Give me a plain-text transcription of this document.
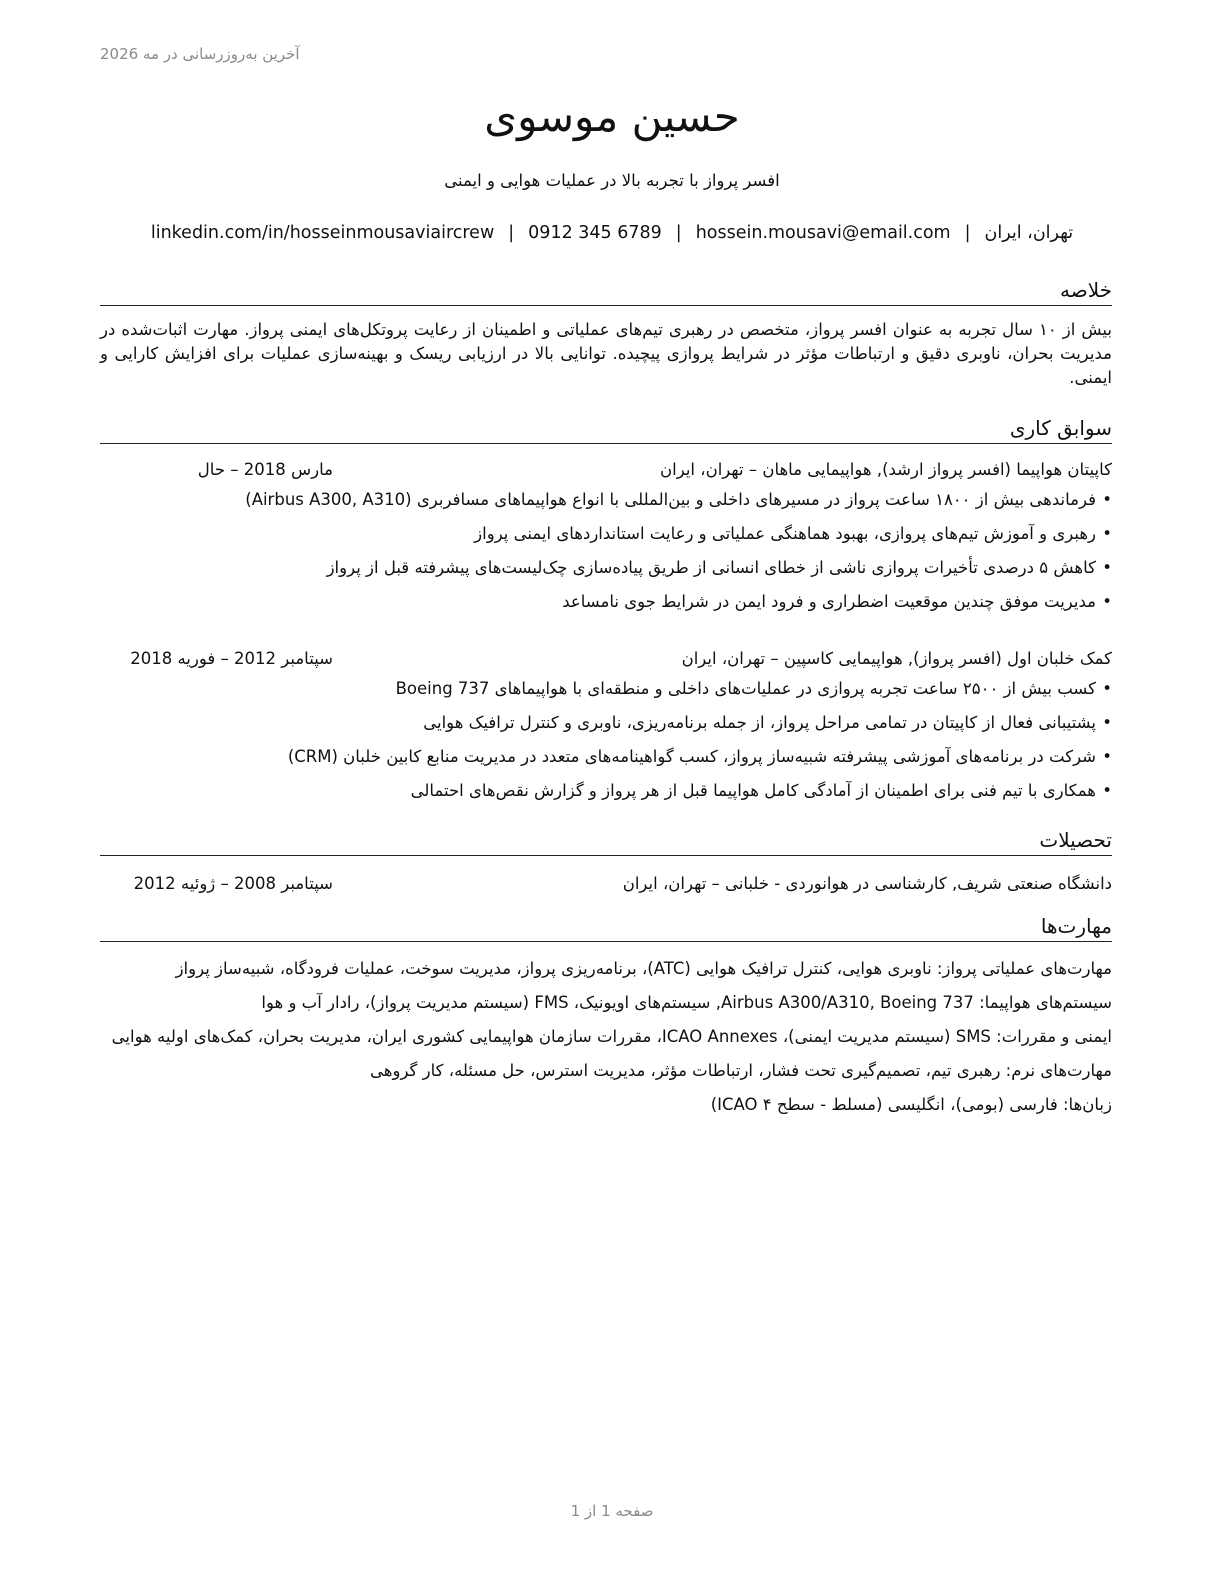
آخرین به‌روزرسانی در مه 2026
حسین موسوی
افسر پرواز با تجربه بالا در عملیات هوایی و ایمنی
تهران، ایران|hossein.mousavi@email.com|0912 345 6789|linkedin.com/in/hosseinmousaviaircrew
خلاصه
بیش از ۱۰ سال تجربه به عنوان افسر پرواز، متخصص در رهبری تیم‌های عملیاتی و اطمینان از رعایت پروتکل‌های ایمنی پرواز. مهارت اثبات‌شده در مدیریت بحران، ناوبری دقیق و ارتباطات مؤثر در شرایط پروازی پیچیده. توانایی بالا در ارزیابی ریسک و بهینه‌سازی عملیات برای افزایش کارایی و ایمنی.
سوابق کاری
کاپیتان هواپیما (افسر پرواز ارشد), هواپیمایی ماهان – تهران، ایران
مارس 2018 – حال
•
فرماندهی بیش از ۱۸۰۰ ساعت پرواز در مسیرهای داخلی و بین‌المللی با انواع هواپیماهای مسافربری (Airbus A300, A310)
•
رهبری و آموزش تیم‌های پروازی، بهبود هماهنگی عملیاتی و رعایت استانداردهای ایمنی پرواز
•
کاهش ۵ درصدی تأخیرات پروازی ناشی از خطای انسانی از طریق پیاده‌سازی چک‌لیست‌های پیشرفته قبل از پرواز
•
مدیریت موفق چندین موقعیت اضطراری و فرود ایمن در شرایط جوی نامساعد
کمک خلبان اول (افسر پرواز), هواپیمایی کاسپین – تهران، ایران
سپتامبر 2012 – فوریه 2018
•
کسب بیش از ۲۵۰۰ ساعت تجربه پروازی در عملیات‌های داخلی و منطقه‌ای با هواپیماهای Boeing 737
•
پشتیبانی فعال از کاپیتان در تمامی مراحل پرواز، از جمله برنامه‌ریزی، ناوبری و کنترل ترافیک هوایی
•
شرکت در برنامه‌های آموزشی پیشرفته شبیه‌ساز پرواز، کسب گواهینامه‌های متعدد در مدیریت منابع کابین خلبان (CRM)
•
همکاری با تیم فنی برای اطمینان از آمادگی کامل هواپیما قبل از هر پرواز و گزارش نقص‌های احتمالی
تحصیلات
دانشگاه صنعتی شریف, کارشناسی در هوانوردی - خلبانی – تهران، ایران
سپتامبر 2008 – ژوئیه 2012
مهارت‌ها
مهارت‌های عملیاتی پرواز: ناوبری هوایی، کنترل ترافیک هوایی (ATC)، برنامه‌ریزی پرواز، مدیریت سوخت، عملیات فرودگاه، شبیه‌ساز پرواز
سیستم‌های هواپیما: Airbus A300/A310, Boeing 737, سیستم‌های اویونیک، FMS (سیستم مدیریت پرواز)، رادار آب و هوا
ایمنی و مقررات: SMS (سیستم مدیریت ایمنی)، ICAO Annexes، مقررات سازمان هواپیمایی کشوری ایران، مدیریت بحران، کمک‌های اولیه هوایی
مهارت‌های نرم: رهبری تیم، تصمیم‌گیری تحت فشار، ارتباطات مؤثر، مدیریت استرس، حل مسئله، کار گروهی
زبان‌ها: فارسی (بومی)، انگلیسی (مسلط - سطح ۴ ICAO)
صفحه 1 از 1
